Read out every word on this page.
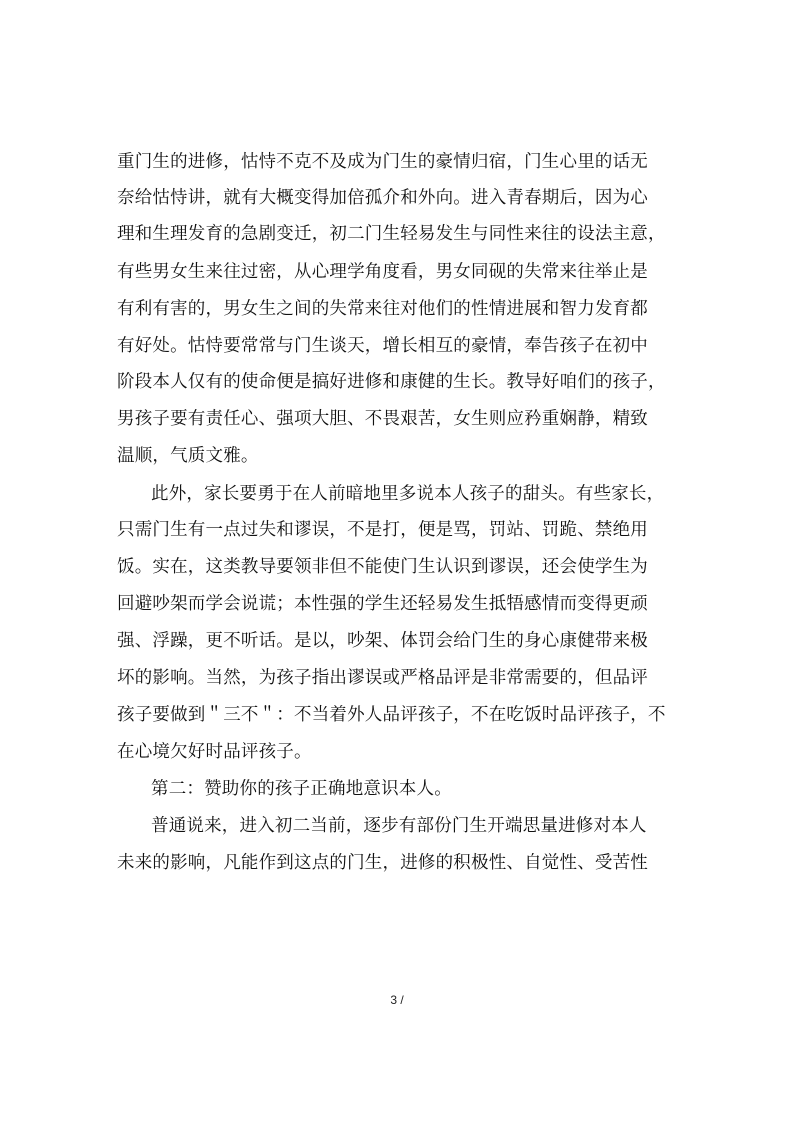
重门生的进修，怙恃不克不及成为门生的豪情归宿，门生心里的话无
奈给怙恃讲，就有大概变得加倍孤介和外向。进入青春期后，因为心
理和生理发育的急剧变迁，初二门生轻易发生与同性来往的设法主意，
有些男女生来往过密，从心理学角度看，男女同砚的失常来往举止是
有利有害的，男女生之间的失常来往对他们的性情进展和智力发育都
有好处。怙恃要常常与门生谈天，增长相互的豪情，奉告孩子在初中
阶段本人仅有的使命便是搞好进修和康健的生长。教导好咱们的孩子，
男孩子要有责任心、强项大胆、不畏艰苦，女生则应矜重娴静，精致
温顺，气质文雅。
此外，家长要勇于在人前暗地里多说本人孩子的甜头。有些家长，
只需门生有一点过失和谬误，不是打，便是骂，罚站、罚跪、禁绝用
饭。实在，这类教导要领非但不能使门生认识到谬误，还会使学生为
回避吵架而学会说谎；本性强的学生还轻易发生抵牾感情而变得更顽
强、浮躁，更不听话。是以，吵架、体罚会给门生的身心康健带来极
坏的影响。当然，为孩子指出谬误或严格品评是非常需要的，但品评
孩子要做到＂三不＂：不当着外人品评孩子，不在吃饭时品评孩子，不
在心境欠好时品评孩子。
第二：赞助你的孩子正确地意识本人。
普通说来，进入初二当前，逐步有部份门生开端思量进修对本人
未来的影响，凡能作到这点的门生，进修的积极性、自觉性、受苦性
3 /
